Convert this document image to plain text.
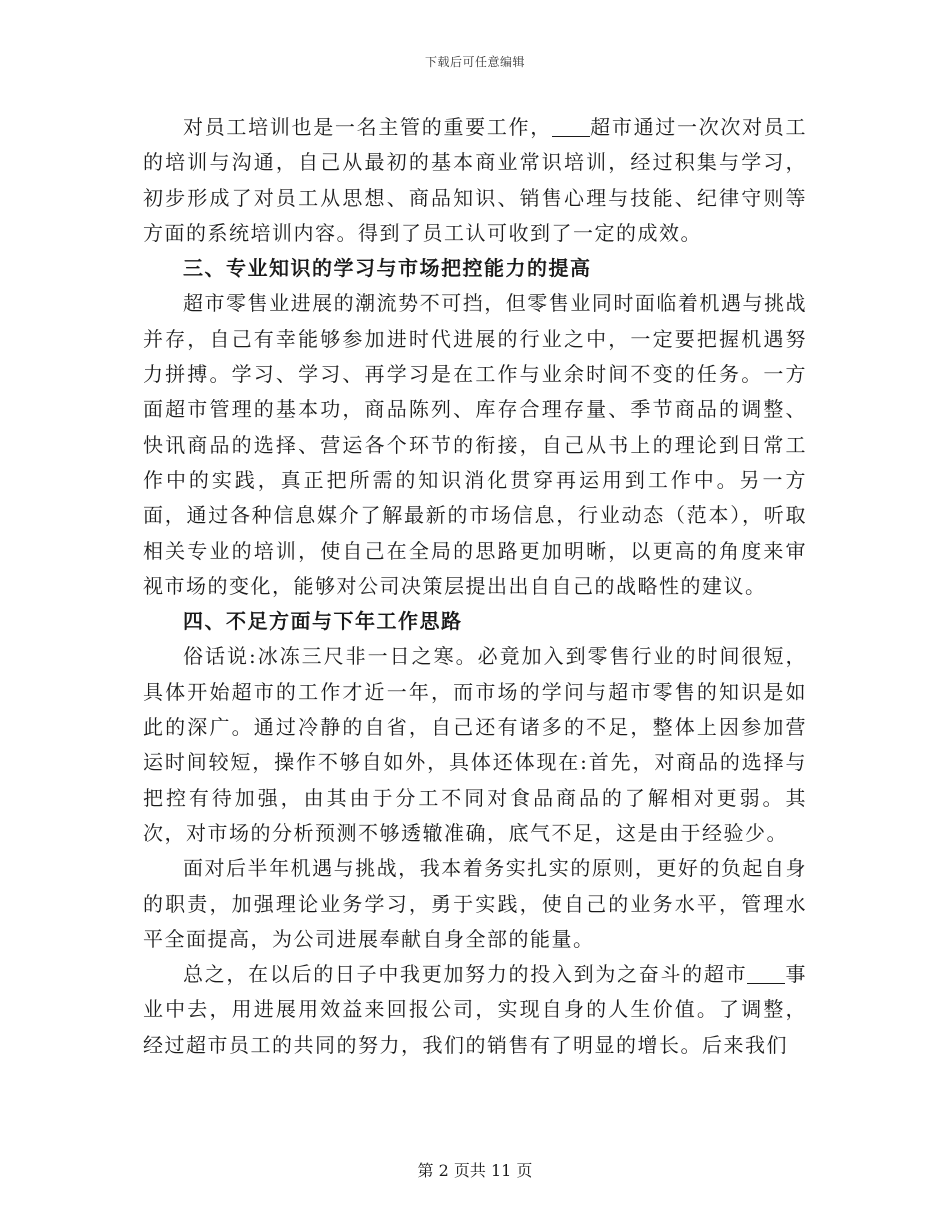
下载后可任意编辑

对员工培训也是一名主管的重要工作， 超市通过一次次对员工的培训与沟通，自己从最初的基本商业常识培训，经过积集与学习，初步形成了对员工从思想、商品知识、销售心理与技能、纪律守则等方面的系统培训内容。得到了员工认可收到了一定的成效。

三、专业知识的学习与市场把控能力的提高

超市零售业进展的潮流势不可挡，但零售业同时面临着机遇与挑战并存，自己有幸能够参加进时代进展的行业之中，一定要把握机遇努力拼搏。学习、学习、再学习是在工作与业余时间不变的任务。一方面超市管理的基本功，商品陈列、库存合理存量、季节商品的调整、快讯商品的选择、营运各个环节的衔接，自己从书上的理论到日常工作中的实践，真正把所需的知识消化贯穿再运用到工作中。另一方面，通过各种信息媒介了解最新的市场信息，行业动态（范本），听取相关专业的培训，使自己在全局的思路更加明晰，以更高的角度来审视市场的变化，能够对公司决策层提出出自自己的战略性的建议。

四、不足方面与下年工作思路

俗话说:冰冻三尺非一日之寒。必竟加入到零售行业的时间很短，具体开始超市的工作才近一年，而市场的学问与超市零售的知识是如此的深广。通过冷静的自省，自己还有诸多的不足，整体上因参加营运时间较短，操作不够自如外，具体还体现在:首先，对商品的选择与把控有待加强，由其由于分工不同对食品商品的了解相对更弱。其次，对市场的分析预测不够透辙准确，底气不足，这是由于经验少。

面对后半年机遇与挑战，我本着务实扎实的原则，更好的负起自身的职责，加强理论业务学习，勇于实践，使自己的业务水平，管理水平全面提高，为公司进展奉献自身全部的能量。

总之，在以后的日子中我更加努力的投入到为之奋斗的超市 事业中去，用进展用效益来回报公司，实现自身的人生价值。了调整，经过超市员工的共同的努力，我们的销售有了明显的增长。后来我们

第 2 页共 11 页
